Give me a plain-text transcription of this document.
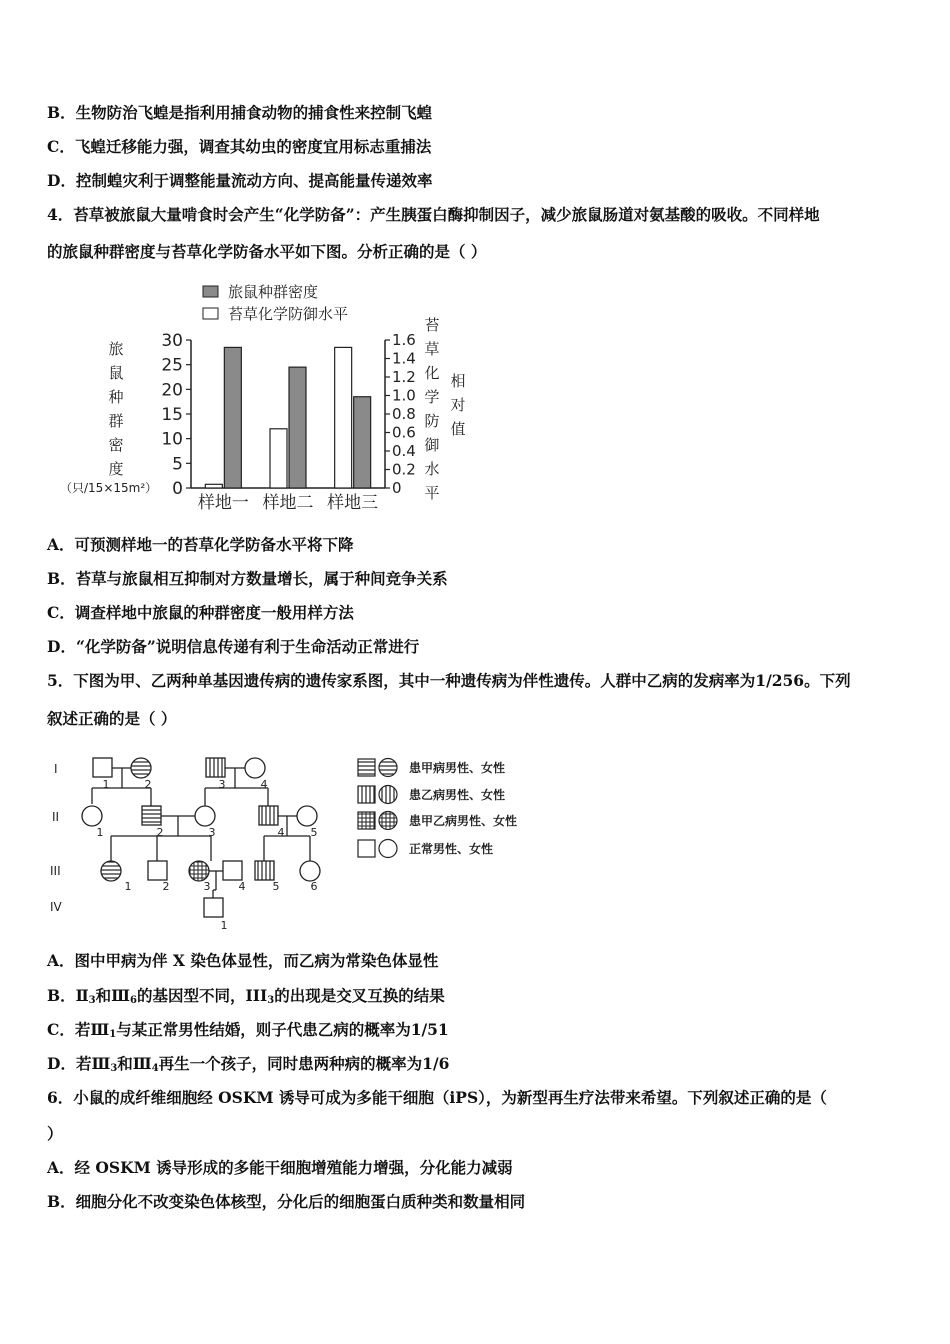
B．生物防治飞蝗是指利用捕食动物的捕食性来控制飞蝗
C．飞蝗迁移能力强，调查其幼虫的密度宜用标志重捕法
D．控制蝗灾利于调整能量流动方向、提高能量传递效率
4．苔草被旅鼠大量啃食时会产生“化学防备”：产生胰蛋白酶抑制因子，减少旅鼠肠道对氨基酸的吸收。不同样地
的旅鼠种群密度与苔草化学防备水平如下图。分析正确的是（ ）
旅鼠种群密度
苔草化学防御水平
旅
鼠
种
群
密
度
（只/15×15m²）
苔
草
化
学
防
御
水
平
相
对
值
0
5
10
15
20
25
30
0
0.2
0.4
0.6
0.8
1.0
1.2
1.4
1.6
样地一 样地二 样地三
A．可预测样地一的苔草化学防备水平将下降
B．苔草与旅鼠相互抑制对方数量增长，属于种间竞争关系
C．调查样地中旅鼠的种群密度一般用样方法
D．“化学防备”说明信息传递有利于生命活动正常进行
5．下图为甲、乙两种单基因遗传病的遗传家系图，其中一种遗传病为伴性遗传。人群中乙病的发病率为1/256。下列
叙述正确的是（ ）
I
II
III
IV
1	2	3	4
1	2	3	4 5
1	2	3	4 5	6
1
患甲病男性、女性
患乙病男性、女性
患甲乙病男性、女性
正常男性、女性
A．图中甲病为伴 X 染色体显性，而乙病为常染色体显性
B．$Ⅱ_3$和$Ⅲ_6$的基因型不同，$III_3$的出现是交叉互换的结果
C．若$Ⅲ_1$与某正常男性结婚，则子代患乙病的概率为1/51
D．若$Ⅲ_3$和$Ⅲ_4$再生一个孩子，同时患两种病的概率为1/6
6．小鼠的成纤维细胞经 OSKM 诱导可成为多能干细胞（iPS），为新型再生疗法带来希望。下列叙述正确的是（
）
A．经 OSKM 诱导形成的多能干细胞增殖能力增强，分化能力减弱
B．细胞分化不改变染色体核型，分化后的细胞蛋白质种类和数量相同
